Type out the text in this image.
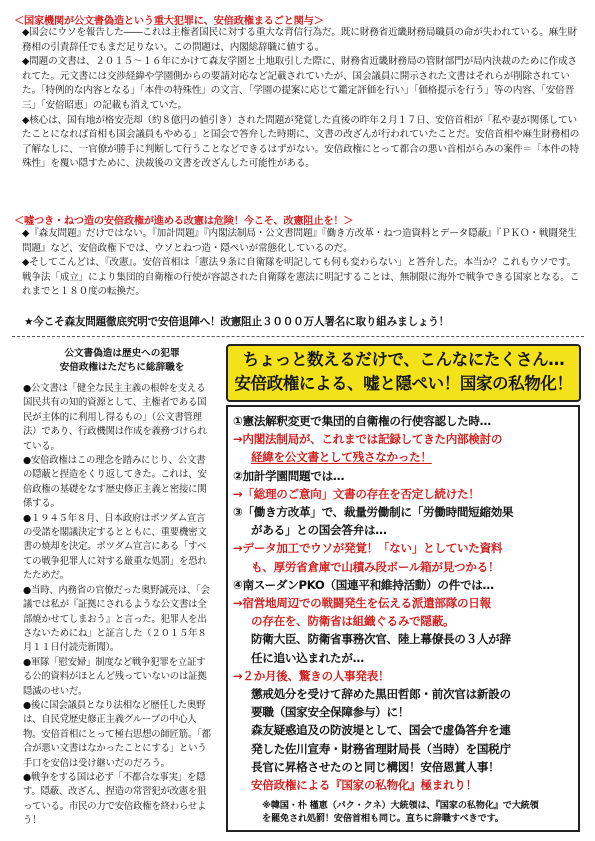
＜国家機関が公文書偽造という重大犯罪に、安倍政権まるごと関与＞
◆国会にウソを報告した――これは主権者国民に対する重大な背信行為だ。既に財務省近畿財務局職員の命が失われている。麻生財務相の引責辞任でもまだ足りない。この問題は、内閣総辞職に値する。
◆問題の文書は、２０１５～１６年にかけて森友学園と土地取引した際に、財務省近畿財務局の管財部門が局内決裁のために作成されてた。元文書には交渉経緯や学園側からの要請対応など記載されていたが、国会議員に開示された文書はそれらが削除されていた。「特例的な内容となる」「本件の特殊性」の文言、「学園の提案に応じて鑑定評価を行い」「価格提示を行う」等の内容、「安倍晋三」「安倍昭恵」の記載も消えていた。
◆核心は、国有地が格安売却（約８億円の値引き）された問題が発覚した直後の昨年２月１７日、安倍首相が「私や妻が関係していたことになれば首相も国会議員もやめる」と国会で答弁した時期に、文書の改ざんが行われていたことだ。安倍首相や麻生財務相の了解なしに、一官僚が勝手に判断して行うことなどできるはずがない。安倍政権にとって都合の悪い首相がらみの案件＝「本件の特殊性」を覆い隠すために、決裁後の文書を改ざんした可能性がある。
＜嘘つき・ねつ造の安倍政権が進める改憲は危険！今こそ、改憲阻止を！＞
◆『森友問題』だけではない。『加計問題』『内閣法制局・公文書問題』『働き方改革・ねつ造資料とデータ隠蔽』『ＰＫＯ・戦闘発生問題』など、安倍政権下では、ウソとねつ造・隠ぺいが常態化しているのだ。
◆そしてこんどは、『改憲』。安倍首相は「憲法９条に自衛隊を明記しても何も変わらない」と答弁した。本当か？これもウソです。戦争法「成立」により集団的自衛権の行使が容認された自衛隊を憲法に明記することは、無制限に海外で戦争できる国家となる。これまでと１８０度の転換だ。
★今こそ森友問題徹底究明で安倍退陣へ！改憲阻止３０００万人署名に取り組みましょう！
公文書偽造は歴史への犯罪
安倍政権はただちに総辞職を

●公文書は「健全な民主主義の根幹を支える国民共有の知的資源として、主権者である国民が主体的に利用し得るもの」（公文書管理法）であり、行政機関は作成を義務づけられている。

●安倍政権はこの理念を踏みにじり、公文書の隠蔽と捏造をくり返してきた。これは、安倍政権の基礎をなす歴史修正主義と密接に関係する。

●１９４５年８月、日本政府はポツダム宣言の受諾を閣議決定するとともに、重要機密文書の焼却を決定。ポツダム宣言にある「すべての戦争犯罪人に対する厳重な処罰」を恐れたためだ。

●当時、内務省の官僚だった奥野誠亮は、「会議では私が『証拠にされるような公文書は全部焼かせてしまおう』と言った。犯罪人を出さないためにね」と証言した（２０１５年８月１１日付読売新聞）。

●軍隊「慰安婦」制度など戦争犯罪を立証する公的資料がほとんど残っていないのは証拠隠滅のせいだ。

●後に国会議員となり法相など歴任した奥野は、自民党歴史修正主義グループの中心人物。安倍首相にとって極右思想の師匠筋。「都合が悪い文書はなかったことにする」という手口を安倍は受け継いだのだろう。

●戦争をする国は必ず「不都合な事実」を隠す。隠蔽、改ざん、捏造の常習犯が改憲を狙っている。市民の力で安倍政権を終わらせよう！

ちょっと数えるだけで、こんなにたくさん…
安倍政権による、嘘と隠ぺい！国家の私物化！
①憲法解釈変更で集団的自衛権の行使容認した時…
→内閣法制局が、これまでは記録してきた内部検討の
経緯を公文書として残さなかった！
②加計学園問題では…
→「総理のご意向」文書の存在を否定し続けた！
③「働き方改革」で、裁量労働制に「労働時間短縮効果
がある」との国会答弁は…
→データ加工でウソが発覚！「ない」としていた資料
も、厚労省倉庫で山積み段ボール箱が見つかる！
④南スーダンPKO（国連平和維持活動）の件では…
→宿営地周辺での戦闘発生を伝える派遣部隊の日報
の存在を、防衛省は組織ぐるみで隠蔽。
防衛大臣、防衛省事務次官、陸上幕僚長の３人が辞
任に追い込まれたが…
→２か月後、驚きの人事発表！
懲戒処分を受けて辞めた黒田哲郎・前次官は新設の
要職（国家安全保障参与）に！
森友疑惑追及の防波堤として、国会で虚偽答弁を連
発した佐川宣寿・財務省理財局長（当時）を国税庁
長官に昇格させたのと同じ構図！安倍恩賞人事！
安倍政権による『国家の私物化』極まれり！
※韓国・朴 槿恵（パク・クネ）大統領は、『国家の私物化』で大統領
を罷免され処罰！安倍首相も同じ。直ちに辞職すべきです。
